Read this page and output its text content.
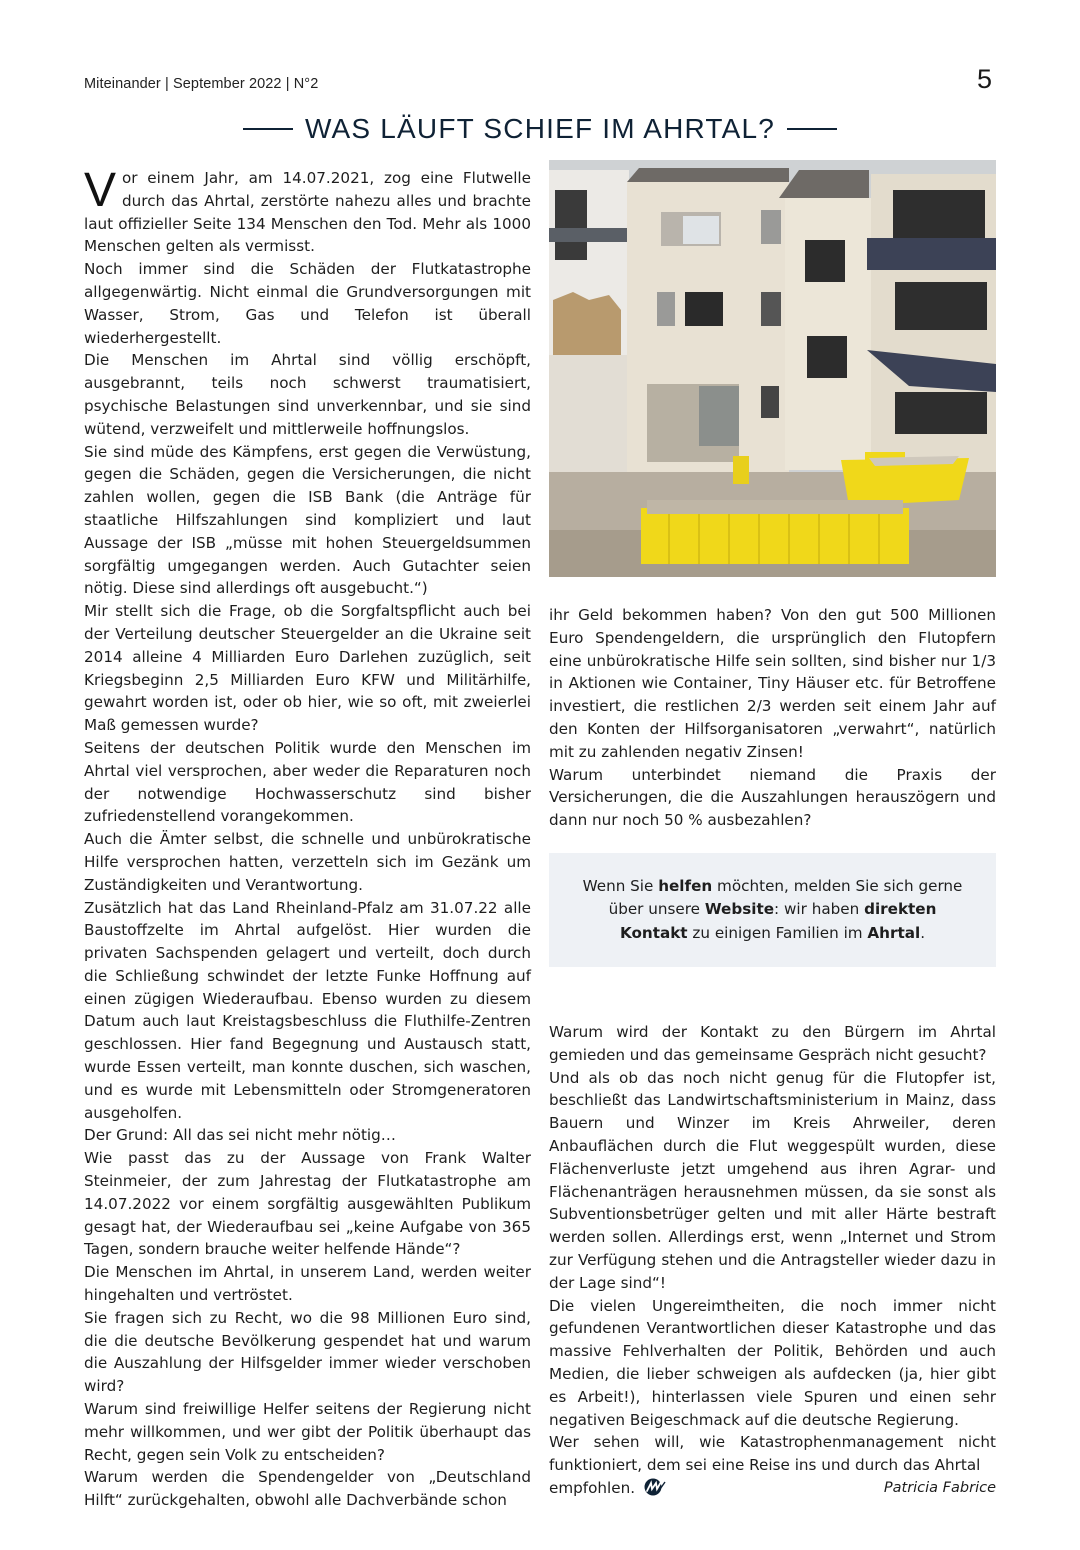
Miteinander | September 2022 | N°2	5
WAS LÄUFT SCHIEF IM AHRTAL?

Vor einem Jahr, am 14.07.2021, zog eine Flutwelle durch das Ahrtal, zerstörte nahezu alles und brachte laut offizieller Seite 134 Menschen den Tod. Mehr als 1000 Menschen gelten als vermisst.

Noch immer sind die Schäden der Flutkatastrophe allgegenwärtig. Nicht einmal die Grundversorgungen mit Wasser, Strom, Gas und Telefon ist überall wiederhergestellt.

Die Menschen im Ahrtal sind völlig erschöpft, ausgebrannt, teils noch schwerst traumatisiert, psychische Belastungen sind unverkennbar, und sie sind wütend, verzweifelt und mittlerweile hoffnungslos.

Sie sind müde des Kämpfens, erst gegen die Verwüstung, gegen die Schäden, gegen die Versicherungen, die nicht zahlen wollen, gegen die ISB Bank (die Anträge für staatliche Hilfszahlungen sind kompliziert und laut Aussage der ISB „müsse mit hohen Steuergeldsummen sorgfältig umgegangen werden. Auch Gutachter seien nötig. Diese sind allerdings oft ausgebucht.“)

Mir stellt sich die Frage, ob die Sorgfaltspflicht auch bei der Verteilung deutscher Steuergelder an die Ukraine seit 2014 alleine 4 Milliarden Euro Darlehen zuzüglich, seit Kriegsbeginn 2,5 Milliarden Euro KFW und Militärhilfe, gewahrt worden ist, oder ob hier, wie so oft, mit zweierlei Maß gemessen wurde?

Seitens der deutschen Politik wurde den Menschen im Ahrtal viel versprochen, aber weder die Reparaturen noch der notwendige Hochwasserschutz sind bisher zufriedenstellend vorangekommen.

Auch die Ämter selbst, die schnelle und unbürokratische Hilfe versprochen hatten, verzetteln sich im Gezänk um Zuständigkeiten und Verantwortung.

Zusätzlich hat das Land Rheinland-Pfalz am 31.07.22 alle Baustoffzelte im Ahrtal aufgelöst. Hier wurden die privaten Sachspenden gelagert und verteilt, doch durch die Schließung schwindet der letzte Funke Hoffnung auf einen zügigen Wiederaufbau. Ebenso wurden zu diesem Datum auch laut Kreistagsbeschluss die Fluthilfe-Zentren geschlossen. Hier fand Begegnung und Austausch statt, wurde Essen verteilt, man konnte duschen, sich waschen, und es wurde mit Lebensmitteln oder Stromgeneratoren ausgeholfen.

Der Grund: All das sei nicht mehr nötig…

Wie passt das zu der Aussage von Frank Walter Steinmeier, der zum Jahrestag der Flutkatastrophe am 14.07.2022 vor einem sorgfältig ausgewählten Publikum gesagt hat, der Wiederaufbau sei „keine Aufgabe von 365 Tagen, sondern brauche weiter helfende Hände“?

Die Menschen im Ahrtal, in unserem Land, werden weiter hingehalten und vertröstet.

Sie fragen sich zu Recht, wo die 98 Millionen Euro sind, die die deutsche Bevölkerung gespendet hat und warum die Auszahlung der Hilfsgelder immer wieder verschoben wird?

Warum sind freiwillige Helfer seitens der Regierung nicht mehr willkommen, und wer gibt der Politik überhaupt das Recht, gegen sein Volk zu entscheiden?

Warum werden die Spendengelder von „Deutschland Hilft“ zurückgehalten, obwohl alle Dachverbände schon

ihr Geld bekommen haben? Von den gut 500 Millionen Euro Spendengeldern, die ursprünglich den Flutopfern eine unbürokratische Hilfe sein sollten, sind bisher nur 1/3 in Aktionen wie Container, Tiny Häuser etc. für Betroffene investiert, die restlichen 2/3 werden seit einem Jahr auf den Konten der Hilfsorganisatoren „verwahrt“, natürlich mit zu zahlenden negativ Zinsen!

Warum unterbindet niemand die Praxis der Versicherungen, die die Auszahlungen herauszögern und dann nur noch 50 % ausbezahlen?

Wenn Sie helfen möchten, melden Sie sich gerne über unsere Website: wir haben direkten Kontakt zu einigen Familien im Ahrtal.

Warum wird der Kontakt zu den Bürgern im Ahrtal gemieden und das gemeinsame Gespräch nicht gesucht?

Und als ob das noch nicht genug für die Flutopfer ist, beschließt das Landwirtschaftsministerium in Mainz, dass Bauern und Winzer im Kreis Ahrweiler, deren Anbauflächen durch die Flut weggespült wurden, diese Flächenverluste jetzt umgehend aus ihren Agrar- und Flächenanträgen herausnehmen müssen, da sie sonst als Subventionsbetrüger gelten und mit aller Härte bestraft werden sollen. Allerdings erst, wenn „Internet und Strom zur Verfügung stehen und die Antragsteller wieder dazu in der Lage sind“!

Die vielen Ungereimtheiten, die noch immer nicht gefundenen Verantwortlichen dieser Katastrophe und das massive Fehlverhalten der Politik, Behörden und auch Medien, die lieber schweigen als aufdecken (ja, hier gibt es Arbeit!), hinterlassen viele Spuren und einen sehr negativen Beigeschmack auf die deutsche Regierung.

Wer sehen will, wie Katastrophenmanagement nicht funktioniert, dem sei eine Reise ins und durch das Ahrtal

empfohlen.	Patricia Fabrice
